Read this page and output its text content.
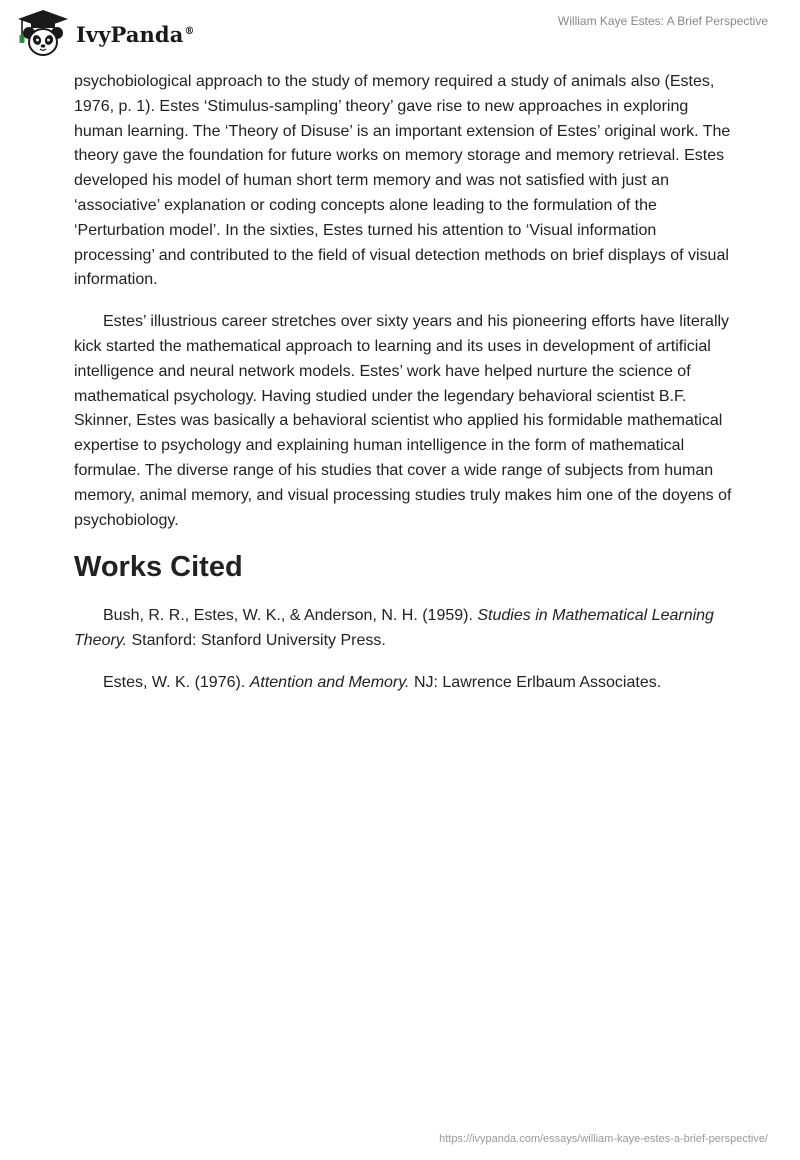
IvyPanda®
William Kaye Estes: A Brief Perspective

psychobiological approach to the study of memory required a study of animals also (Estes, 1976, p. 1). Estes ‘Stimulus-sampling’ theory’ gave rise to new approaches in exploring human learning. The ‘Theory of Disuse’ is an important extension of Estes’ original work. The theory gave the foundation for future works on memory storage and memory retrieval. Estes developed his model of human short term memory and was not satisfied with just an ‘associative’ explanation or coding concepts alone leading to the formulation of the ‘Perturbation model’. In the sixties, Estes turned his attention to ‘Visual information processing’ and contributed to the field of visual detection methods on brief displays of visual information.

Estes’ illustrious career stretches over sixty years and his pioneering efforts have literally kick started the mathematical approach to learning and its uses in development of artificial intelligence and neural network models. Estes’ work have helped nurture the science of mathematical psychology. Having studied under the legendary behavioral scientist B.F. Skinner, Estes was basically a behavioral scientist who applied his formidable mathematical expertise to psychology and explaining human intelligence in the form of mathematical formulae. The diverse range of his studies that cover a wide range of subjects from human memory, animal memory, and visual processing studies truly makes him one of the doyens of psychobiology.

Works Cited

Bush, R. R., Estes, W. K., & Anderson, N. H. (1959). Studies in Mathematical Learning Theory. Stanford: Stanford University Press.

Estes, W. K. (1976). Attention and Memory. NJ: Lawrence Erlbaum Associates.

https://ivypanda.com/essays/william-kaye-estes-a-brief-perspective/
